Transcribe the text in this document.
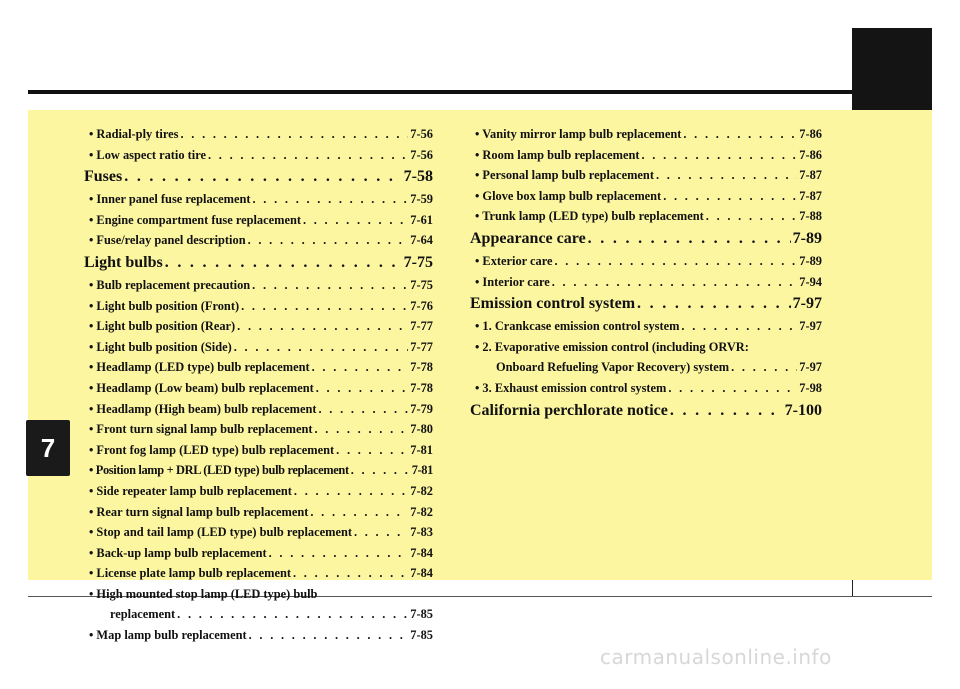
• Radial-ply tires . . .	7-56
• Low aspect ratio tire . . .	7-56
Fuses . . .	7-58
• Inner panel fuse replacement . . .	7-59
• Engine compartment fuse replacement . . .	7-61
• Fuse/relay panel description . . .	7-64
Light bulbs . . .	7-75
• Bulb replacement precaution . . .	7-75
• Light bulb position (Front) . . .	7-76
• Light bulb position (Rear) . . .	7-77
• Light bulb position (Side) . . .	7-77
• Headlamp (LED type) bulb replacement . . .	7-78
• Headlamp (Low beam) bulb replacement . . .	7-78
• Headlamp (High beam) bulb replacement . . .	7-79
• Front turn signal lamp bulb replacement . . .	7-80
• Front fog lamp (LED type) bulb replacement . . .	7-81
• Position lamp + DRL (LED type) bulb replacement . . .	7-81
• Side repeater lamp bulb replacement . . .	7-82
• Rear turn signal lamp bulb replacement . . .	7-82
• Stop and tail lamp (LED type) bulb replacement . . .	7-83
• Back-up lamp bulb replacement . . .	7-84
• License plate lamp bulb replacement . . .	7-84
• High mounted stop lamp (LED type) bulb
replacement . . .	7-85
• Map lamp bulb replacement . . .	7-85
• Vanity mirror lamp bulb replacement . . .	7-86
• Room lamp bulb replacement . . .	7-86
• Personal lamp bulb replacement . . .	7-87
• Glove box lamp bulb replacement . . .	7-87
• Trunk lamp (LED type) bulb replacement . . .	7-88
Appearance care . . .	7-89
• Exterior care . . .	7-89
• Interior care . . .	7-94
Emission control system . . .	7-97
• 1. Crankcase emission control system . . .	7-97
• 2. Evaporative emission control (including ORVR:
Onboard Refueling Vapor Recovery) system . . .	7-97
• 3. Exhaust emission control system . . .	7-98
California perchlorate notice . . .	7-100
7
carmanualsonline.info
